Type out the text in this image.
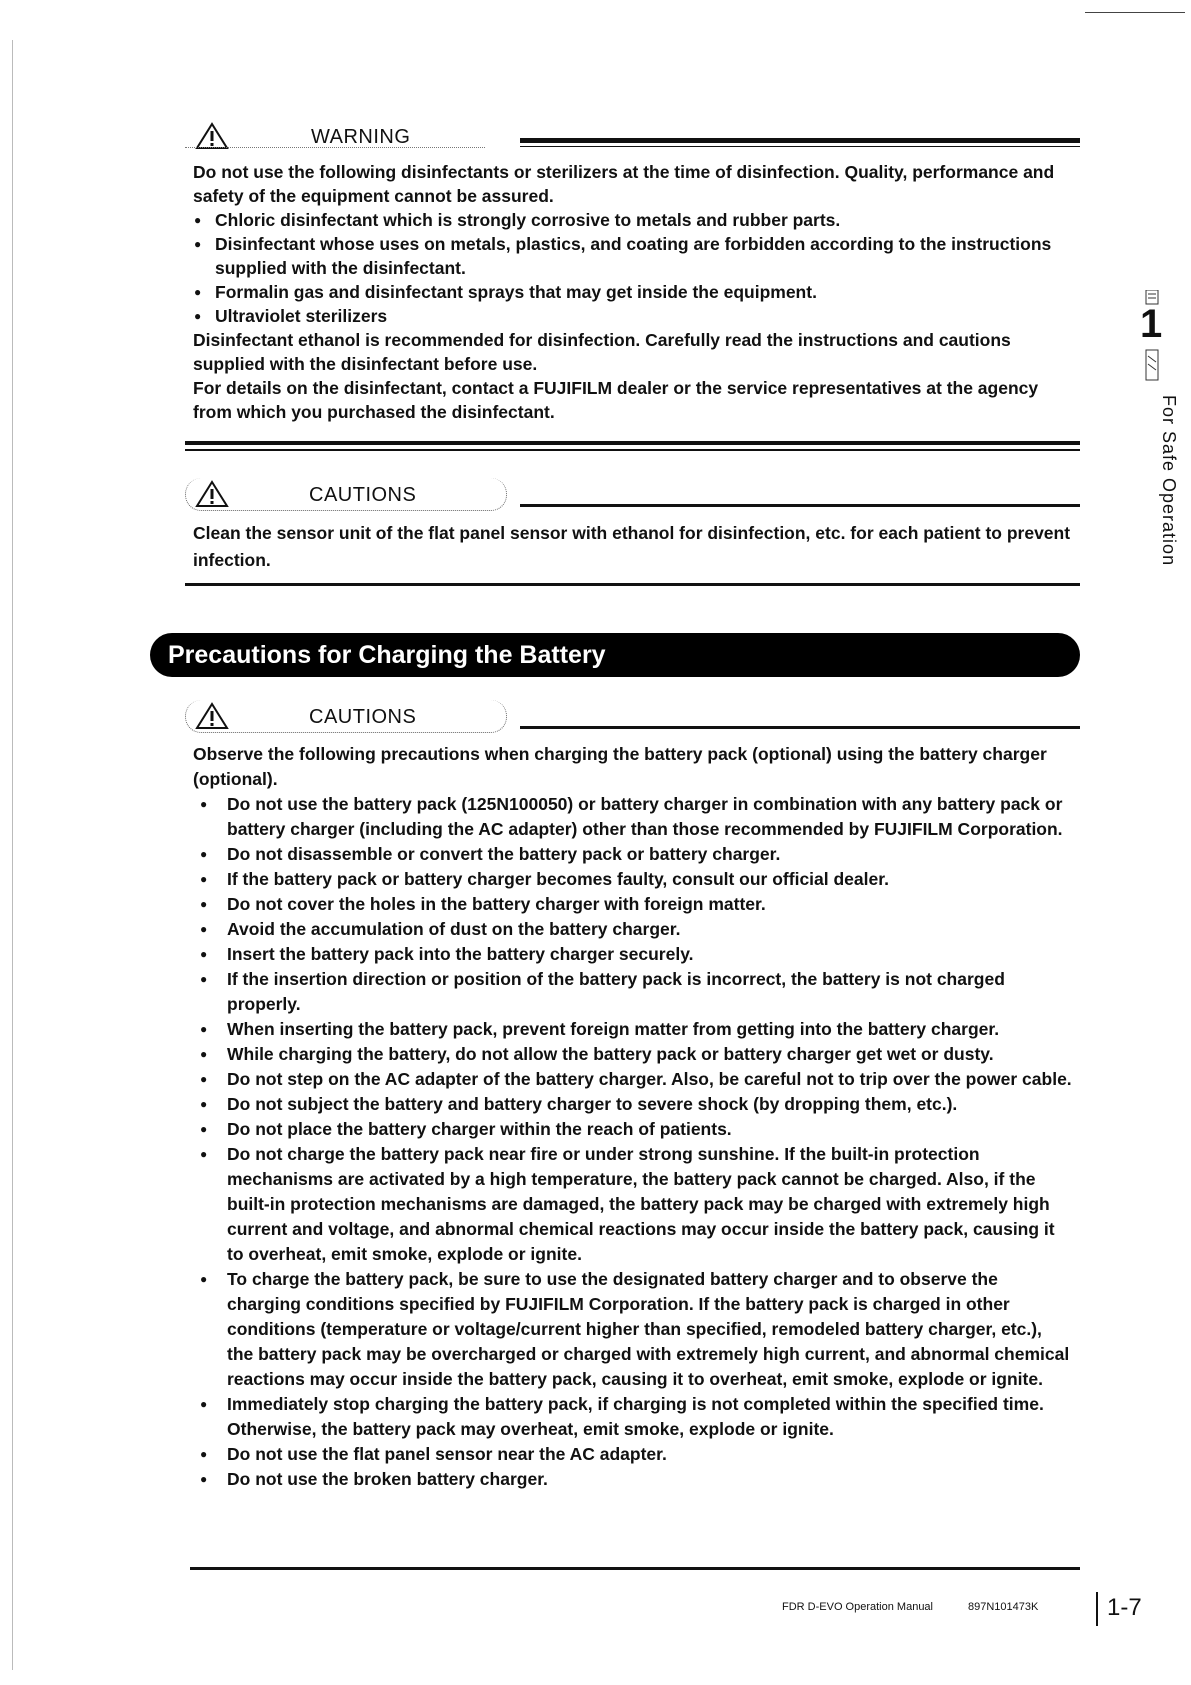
WARNING
Do not use the following disinfectants or sterilizers at the time of disinfection. Quality, performance and safety of the equipment cannot be assured.
● Chloric disinfectant which is strongly corrosive to metals and rubber parts.
● Disinfectant whose uses on metals, plastics, and coating are forbidden according to the instructions supplied with the disinfectant.
● Formalin gas and disinfectant sprays that may get inside the equipment.
● Ultraviolet sterilizers
Disinfectant ethanol is recommended for disinfection. Carefully read the instructions and cautions supplied with the disinfectant before use.
For details on the disinfectant, contact a FUJIFILM dealer or the service representatives at the agency from which you purchased the disinfectant.
CAUTIONS
Clean the sensor unit of the flat panel sensor with ethanol for disinfection, etc. for each patient to prevent infection.
Precautions for Charging the Battery
CAUTIONS
Observe the following precautions when charging the battery pack (optional) using the battery charger (optional).
● Do not use the battery pack (125N100050) or battery charger in combination with any battery pack or battery charger (including the AC adapter) other than those recommended by FUJIFILM Corporation.
● Do not disassemble or convert the battery pack or battery charger.
● If the battery pack or battery charger becomes faulty, consult our official dealer.
● Do not cover the holes in the battery charger with foreign matter.
● Avoid the accumulation of dust on the battery charger.
● Insert the battery pack into the battery charger securely.
● If the insertion direction or position of the battery pack is incorrect, the battery is not charged properly.
● When inserting the battery pack, prevent foreign matter from getting into the battery charger.
● While charging the battery, do not allow the battery pack or battery charger get wet or dusty.
● Do not step on the AC adapter of the battery charger. Also, be careful not to trip over the power cable.
● Do not subject the battery and battery charger to severe shock (by dropping them, etc.).
● Do not place the battery charger within the reach of patients.
● Do not charge the battery pack near fire or under strong sunshine. If the built-in protection mechanisms are activated by a high temperature, the battery pack cannot be charged. Also, if the built-in protection mechanisms are damaged, the battery pack may be charged with extremely high current and voltage, and abnormal chemical reactions may occur inside the battery pack, causing it to overheat, emit smoke, explode or ignite.
● To charge the battery pack, be sure to use the designated battery charger and to observe the charging conditions specified by FUJIFILM Corporation. If the battery pack is charged in other conditions (temperature or voltage/current higher than specified, remodeled battery charger, etc.), the battery pack may be overcharged or charged with extremely high current, and abnormal chemical reactions may occur inside the battery pack, causing it to overheat, emit smoke, explode or ignite.
● Immediately stop charging the battery pack, if charging is not completed within the specified time. Otherwise, the battery pack may overheat, emit smoke, explode or ignite.
● Do not use the flat panel sensor near the AC adapter.
● Do not use the broken battery charger.
1
For Safe Operation
FDR D-EVO Operation Manual	897N101473K	1-7
